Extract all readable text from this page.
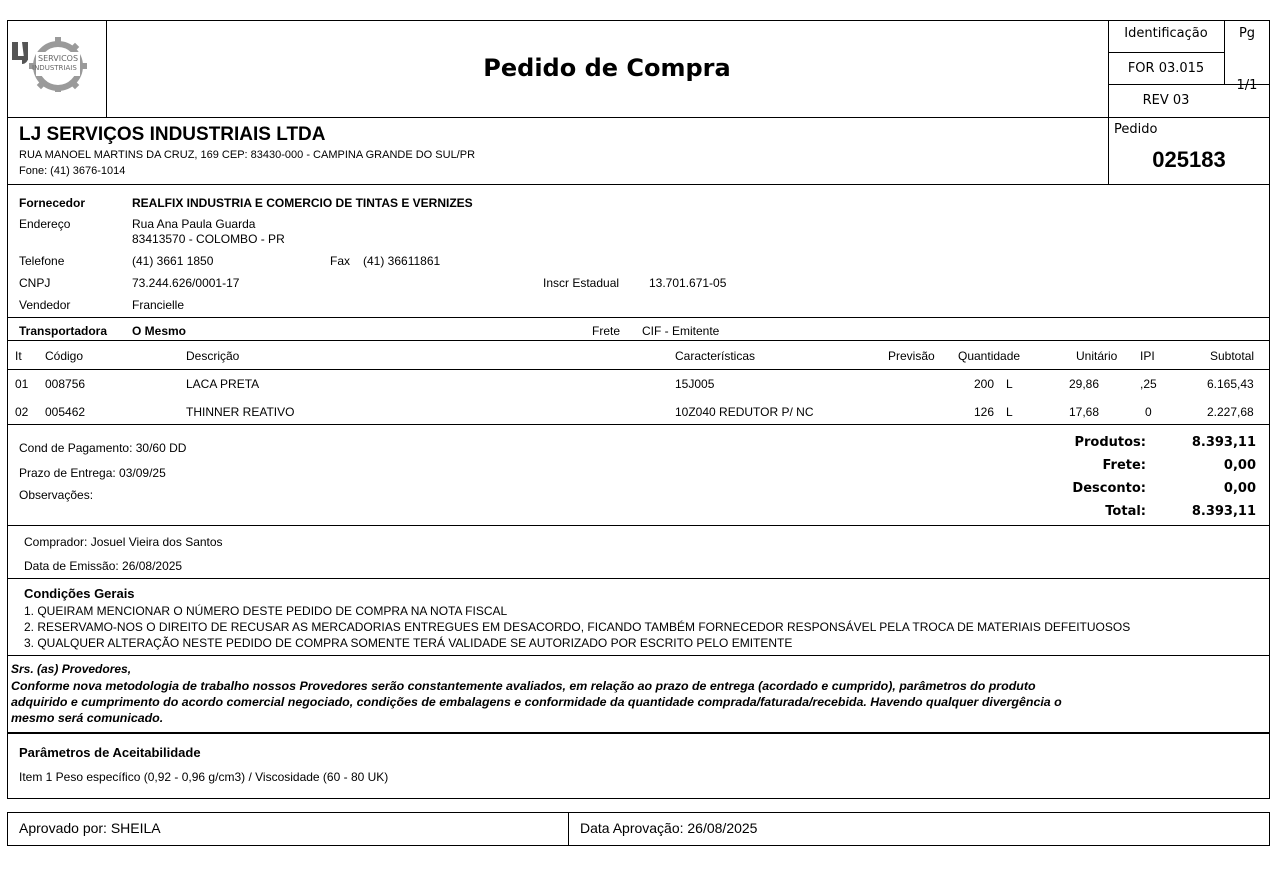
SERVICOS
INDUSTRIAIS	Pedido de Compra
Identificação	Pg
FOR 03.015
REV 03
1/1
LJ SERVIÇOS INDUSTRIAIS LTDA
RUA MANOEL MARTINS DA CRUZ, 169 CEP: 83430-000 - CAMPINA GRANDE DO SUL/PR
Fone: (41) 3676-1014
Pedido
025183
Fornecedor	REALFIX INDUSTRIA E COMERCIO DE TINTAS E VERNIZES
Endereço	Rua Ana Paula Guarda
83413570 - COLOMBO - PR
Telefone	(41) 3661 1850	Fax (41) 36611861
CNPJ	73.244.626/0001-17	Inscr Estadual 13.701.671-05
Vendedor	Francielle
Transportadora O Mesmo	Frete CIF - Emitente
It Código	Descrição	Características	Previsão Quantidade	Unitário IPI	Subtotal
01 008756	LACA PRETA	15J005	200 L	29,86	,25	6.165,43
02 005462	THINNER REATIVO	10Z040 REDUTOR P/ NC	126 L	17,68	0	2.227,68
Cond de Pagamento: 30/60 DD
Prazo de Entrega: 03/09/25
Observações:
Produtos:	8.393,11
Frete:	0,00
Desconto:	0,00
Total:	8.393,11
Comprador: Josuel Vieira dos Santos
Data de Emissão: 26/08/2025
Condições Gerais
1. QUEIRAM MENCIONAR O NÚMERO DESTE PEDIDO DE COMPRA NA NOTA FISCAL
2. RESERVAMO-NOS O DIREITO DE RECUSAR AS MERCADORIAS ENTREGUES EM DESACORDO, FICANDO TAMBÉM FORNECEDOR RESPONSÁVEL PELA TROCA DE MATERIAIS DEFEITUOSOS
3. QUALQUER ALTERAÇÃO NESTE PEDIDO DE COMPRA SOMENTE TERÁ VALIDADE SE AUTORIZADO POR ESCRITO PELO EMITENTE
Srs. (as) Provedores,
Conforme nova metodologia de trabalho nossos Provedores serão constantemente avaliados, em relação ao prazo de entrega (acordado e cumprido), parâmetros do produto
adquirido e cumprimento do acordo comercial negociado, condições de embalagens e conformidade da quantidade comprada/faturada/recebida. Havendo qualquer divergência o
mesmo será comunicado.
Parâmetros de Aceitabilidade
Item 1 Peso específico (0,92 - 0,96 g/cm3) / Viscosidade (60 - 80 UK)
Aprovado por: SHEILA	Data Aprovação: 26/08/2025
